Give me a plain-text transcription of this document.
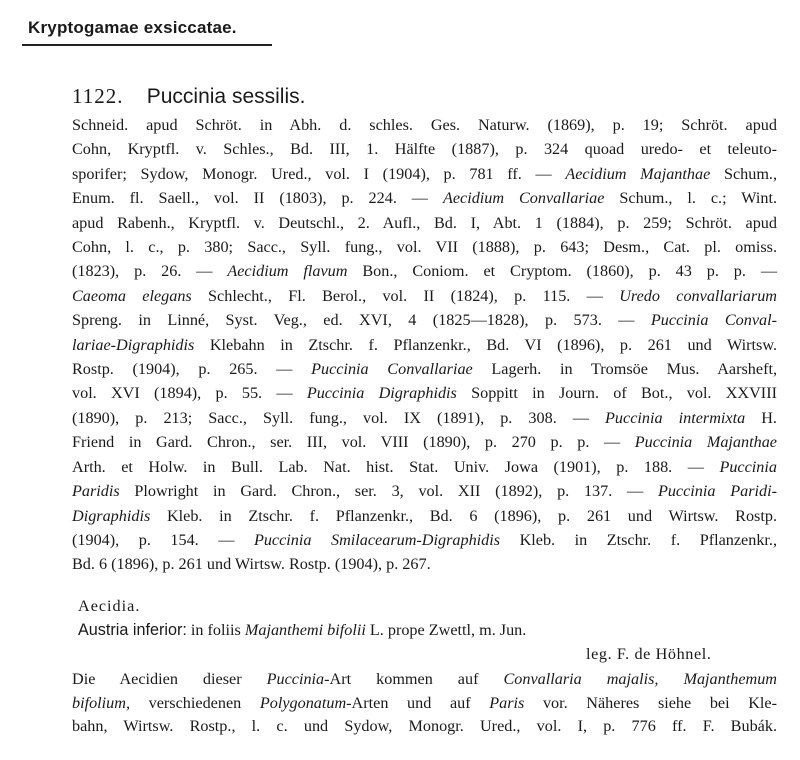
Kryptogamae exsiccatae.
1122. Puccinia sessilis.
Schneid. apud Schröt. in Abh. d. schles. Ges. Naturw. (1869), p. 19; Schröt. apud
Cohn, Kryptfl. v. Schles., Bd. III, 1. Hälfte (1887), p. 324 quoad uredo- et teleuto-
sporifer; Sydow, Monogr. Ured., vol. I (1904), p. 781 ff. — Aecidium Majanthae Schum.,
Enum. fl. Saell., vol. II (1803), p. 224. — Aecidium Convallariae Schum., l. c.; Wint.
apud Rabenh., Kryptfl. v. Deutschl., 2. Aufl., Bd. I, Abt. 1 (1884), p. 259; Schröt. apud
Cohn, l. c., p. 380; Sacc., Syll. fung., vol. VII (1888), p. 643; Desm., Cat. pl. omiss.
(1823), p. 26. — Aecidium flavum Bon., Coniom. et Cryptom. (1860), p. 43 p. p. —
Caeoma elegans Schlecht., Fl. Berol., vol. II (1824), p. 115. — Uredo convallariarum
Spreng. in Linné, Syst. Veg., ed. XVI, 4 (1825—1828), p. 573. — Puccinia Conval-
lariae-Digraphidis Klebahn in Ztschr. f. Pflanzenkr., Bd. VI (1896), p. 261 und Wirtsw.
Rostp. (1904), p. 265. — Puccinia Convallariae Lagerh. in Tromsöe Mus. Aarsheft,
vol. XVI (1894), p. 55. — Puccinia Digraphidis Soppitt in Journ. of Bot., vol. XXVIII
(1890), p. 213; Sacc., Syll. fung., vol. IX (1891), p. 308. — Puccinia intermixta H.
Friend in Gard. Chron., ser. III, vol. VIII (1890), p. 270 p. p. — Puccinia Majanthae
Arth. et Holw. in Bull. Lab. Nat. hist. Stat. Univ. Jowa (1901), p. 188. — Puccinia
Paridis Plowright in Gard. Chron., ser. 3, vol. XII (1892), p. 137. — Puccinia Paridi-
Digraphidis Kleb. in Ztschr. f. Pflanzenkr., Bd. 6 (1896), p. 261 und Wirtsw. Rostp.
(1904), p. 154. — Puccinia Smilacearum-Digraphidis Kleb. in Ztschr. f. Pflanzenkr.,
Bd. 6 (1896), p. 261 und Wirtsw. Rostp. (1904), p. 267.
Aecidia.
Austria inferior: in foliis Majanthemi bifolii L. prope Zwettl, m. Jun.
leg. F. de Höhnel.
Die Aecidien dieser Puccinia-Art kommen auf Convallaria majalis, Majanthemum
bifolium, verschiedenen Polygonatum-Arten und auf Paris vor. Näheres siehe bei Kle-
bahn, Wirtsw. Rostp., l. c. und Sydow, Monogr. Ured., vol. I, p. 776 ff. F. Bubák.
